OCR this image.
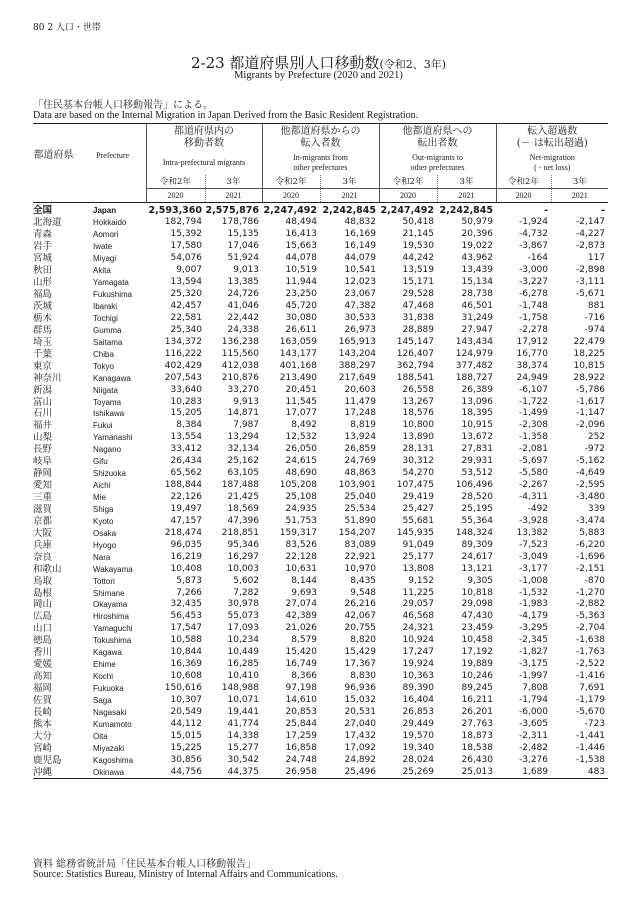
80 2 人口・世帯
2-23 都道府県別人口移動数(令和2、3年)
Migrants by Prefecture (2020 and 2021)
「住民基本台帳人口移動報告」による。
Data are based on the Internal Migration in Japan Derived from the Basic Resident Registration.
都道府県 Prefecture		都道府県内の
移動者数		他都道府県からの
転入者数		他都道府県への
転出者数		転入超過数
(－ は転出超過)	
		Intra-prefectural migrants		In-migrants from
other prefectures		Out-migrants to
other prefectures		Net-migration
( - net loss)	
		令和2年	3年	令和2年	3年	令和2年	3年	令和2年	3年
		2020	2021	2020	2021	2020	2021	2020	2021
全国	Japan	2,593,360	2,575,876	2,247,492	2,242,845	2,247,492	2,242,845	-	-
北海道	Hokkaido	182,794	178,786	48,494	48,832	50,418	50,979	-1,924	-2,147
青森	Aomori	15,392	15,135	16,413	16,169	21,145	20,396	-4,732	-4,227
岩手	Iwate	17,580	17,046	15,663	16,149	19,530	19,022	-3,867	-2,873
宮城	Miyagi	54,076	51,924	44,078	44,079	44,242	43,962	-164	117
秋田	Akita	9,007	9,013	10,519	10,541	13,519	13,439	-3,000	-2,898
山形	Yamagata	13,594	13,385	11,944	12,023	15,171	15,134	-3,227	-3,111
福島	Fukushima	25,320	24,726	23,250	23,067	29,528	28,738	-6,278	-5,671
茨城	Ibaraki	42,457	41,046	45,720	47,382	47,468	46,501	-1,748	881
栃木	Tochigi	22,581	22,442	30,080	30,533	31,838	31,249	-1,758	-716
群馬	Gumma	25,340	24,338	26,611	26,973	28,889	27,947	-2,278	-974
埼玉	Saitama	134,372	136,238	163,059	165,913	145,147	143,434	17,912	22,479
千葉	Chiba	116,222	115,560	143,177	143,204	126,407	124,979	16,770	18,225
東京	Tokyo	402,429	412,038	401,168	388,297	362,794	377,482	38,374	10,815
神奈川	Kanagawa	207,543	210,876	213,490	217,649	188,541	188,727	24,949	28,922
新潟	Niigata	33,640	33,270	20,451	20,603	26,558	26,389	-6,107	-5,786
富山	Toyama	10,283	9,913	11,545	11,479	13,267	13,096	-1,722	-1,617
石川	Ishikawa	15,205	14,871	17,077	17,248	18,576	18,395	-1,499	-1,147
福井	Fukui	8,384	7,987	8,492	8,819	10,800	10,915	-2,308	-2,096
山梨	Yamanashi	13,554	13,294	12,532	13,924	13,890	13,672	-1,358	252
長野	Nagano	33,412	32,134	26,050	26,859	28,131	27,831	-2,081	-972
岐阜	Gifu	26,434	25,162	24,615	24,769	30,312	29,931	-5,697	-5,162
静岡	Shizuoka	65,562	63,105	48,690	48,863	54,270	53,512	-5,580	-4,649
愛知	Aichi	188,844	187,488	105,208	103,901	107,475	106,496	-2,267	-2,595
三重	Mie	22,126	21,425	25,108	25,040	29,419	28,520	-4,311	-3,480
滋賀	Shiga	19,497	18,569	24,935	25,534	25,427	25,195	-492	339
京都	Kyoto	47,157	47,396	51,753	51,890	55,681	55,364	-3,928	-3,474
大阪	Osaka	218,474	218,851	159,317	154,207	145,935	148,324	13,382	5,883
兵庫	Hyogo	96,035	95,346	83,526	83,089	91,049	89,309	-7,523	-6,220
奈良	Nara	16,219	16,297	22,128	22,921	25,177	24,617	-3,049	-1,696
和歌山	Wakayama	10,408	10,003	10,631	10,970	13,808	13,121	-3,177	-2,151
鳥取	Tottori	5,873	5,602	8,144	8,435	9,152	9,305	-1,008	-870
島根	Shimane	7,266	7,282	9,693	9,548	11,225	10,818	-1,532	-1,270
岡山	Okayama	32,435	30,978	27,074	26,216	29,057	29,098	-1,983	-2,882
広島	Hiroshima	56,453	55,073	42,389	42,067	46,568	47,430	-4,179	-5,363
山口	Yamaguchi	17,547	17,093	21,026	20,755	24,321	23,459	-3,295	-2,704
徳島	Tokushima	10,588	10,234	8,579	8,820	10,924	10,458	-2,345	-1,638
香川	Kagawa	10,844	10,449	15,420	15,429	17,247	17,192	-1,827	-1,763
愛媛	Ehime	16,369	16,285	16,749	17,367	19,924	19,889	-3,175	-2,522
高知	Kochi	10,608	10,410	8,366	8,830	10,363	10,246	-1,997	-1,416
福岡	Fukuoka	150,616	148,988	97,198	96,936	89,390	89,245	7,808	7,691
佐賀	Saga	10,307	10,071	14,610	15,032	16,404	16,211	-1,794	-1,179
長崎	Nagasaki	20,549	19,441	20,853	20,531	26,853	26,201	-6,000	-5,670
熊本	Kumamoto	44,112	41,774	25,844	27,040	29,449	27,763	-3,605	-723
大分	Oita	15,015	14,338	17,259	17,432	19,570	18,873	-2,311	-1,441
宮崎	Miyazaki	15,225	15,277	16,858	17,092	19,340	18,538	-2,482	-1,446
鹿児島	Kagoshima	30,856	30,542	24,748	24,892	28,024	26,430	-3,276	-1,538
沖縄	Okinawa	44,756	44,375	26,958	25,496	25,269	25,013	1,689	483
資料 総務省統計局「住民基本台帳人口移動報告」
Source: Statistics Bureau, Ministry of Internal Affairs and Communications.
